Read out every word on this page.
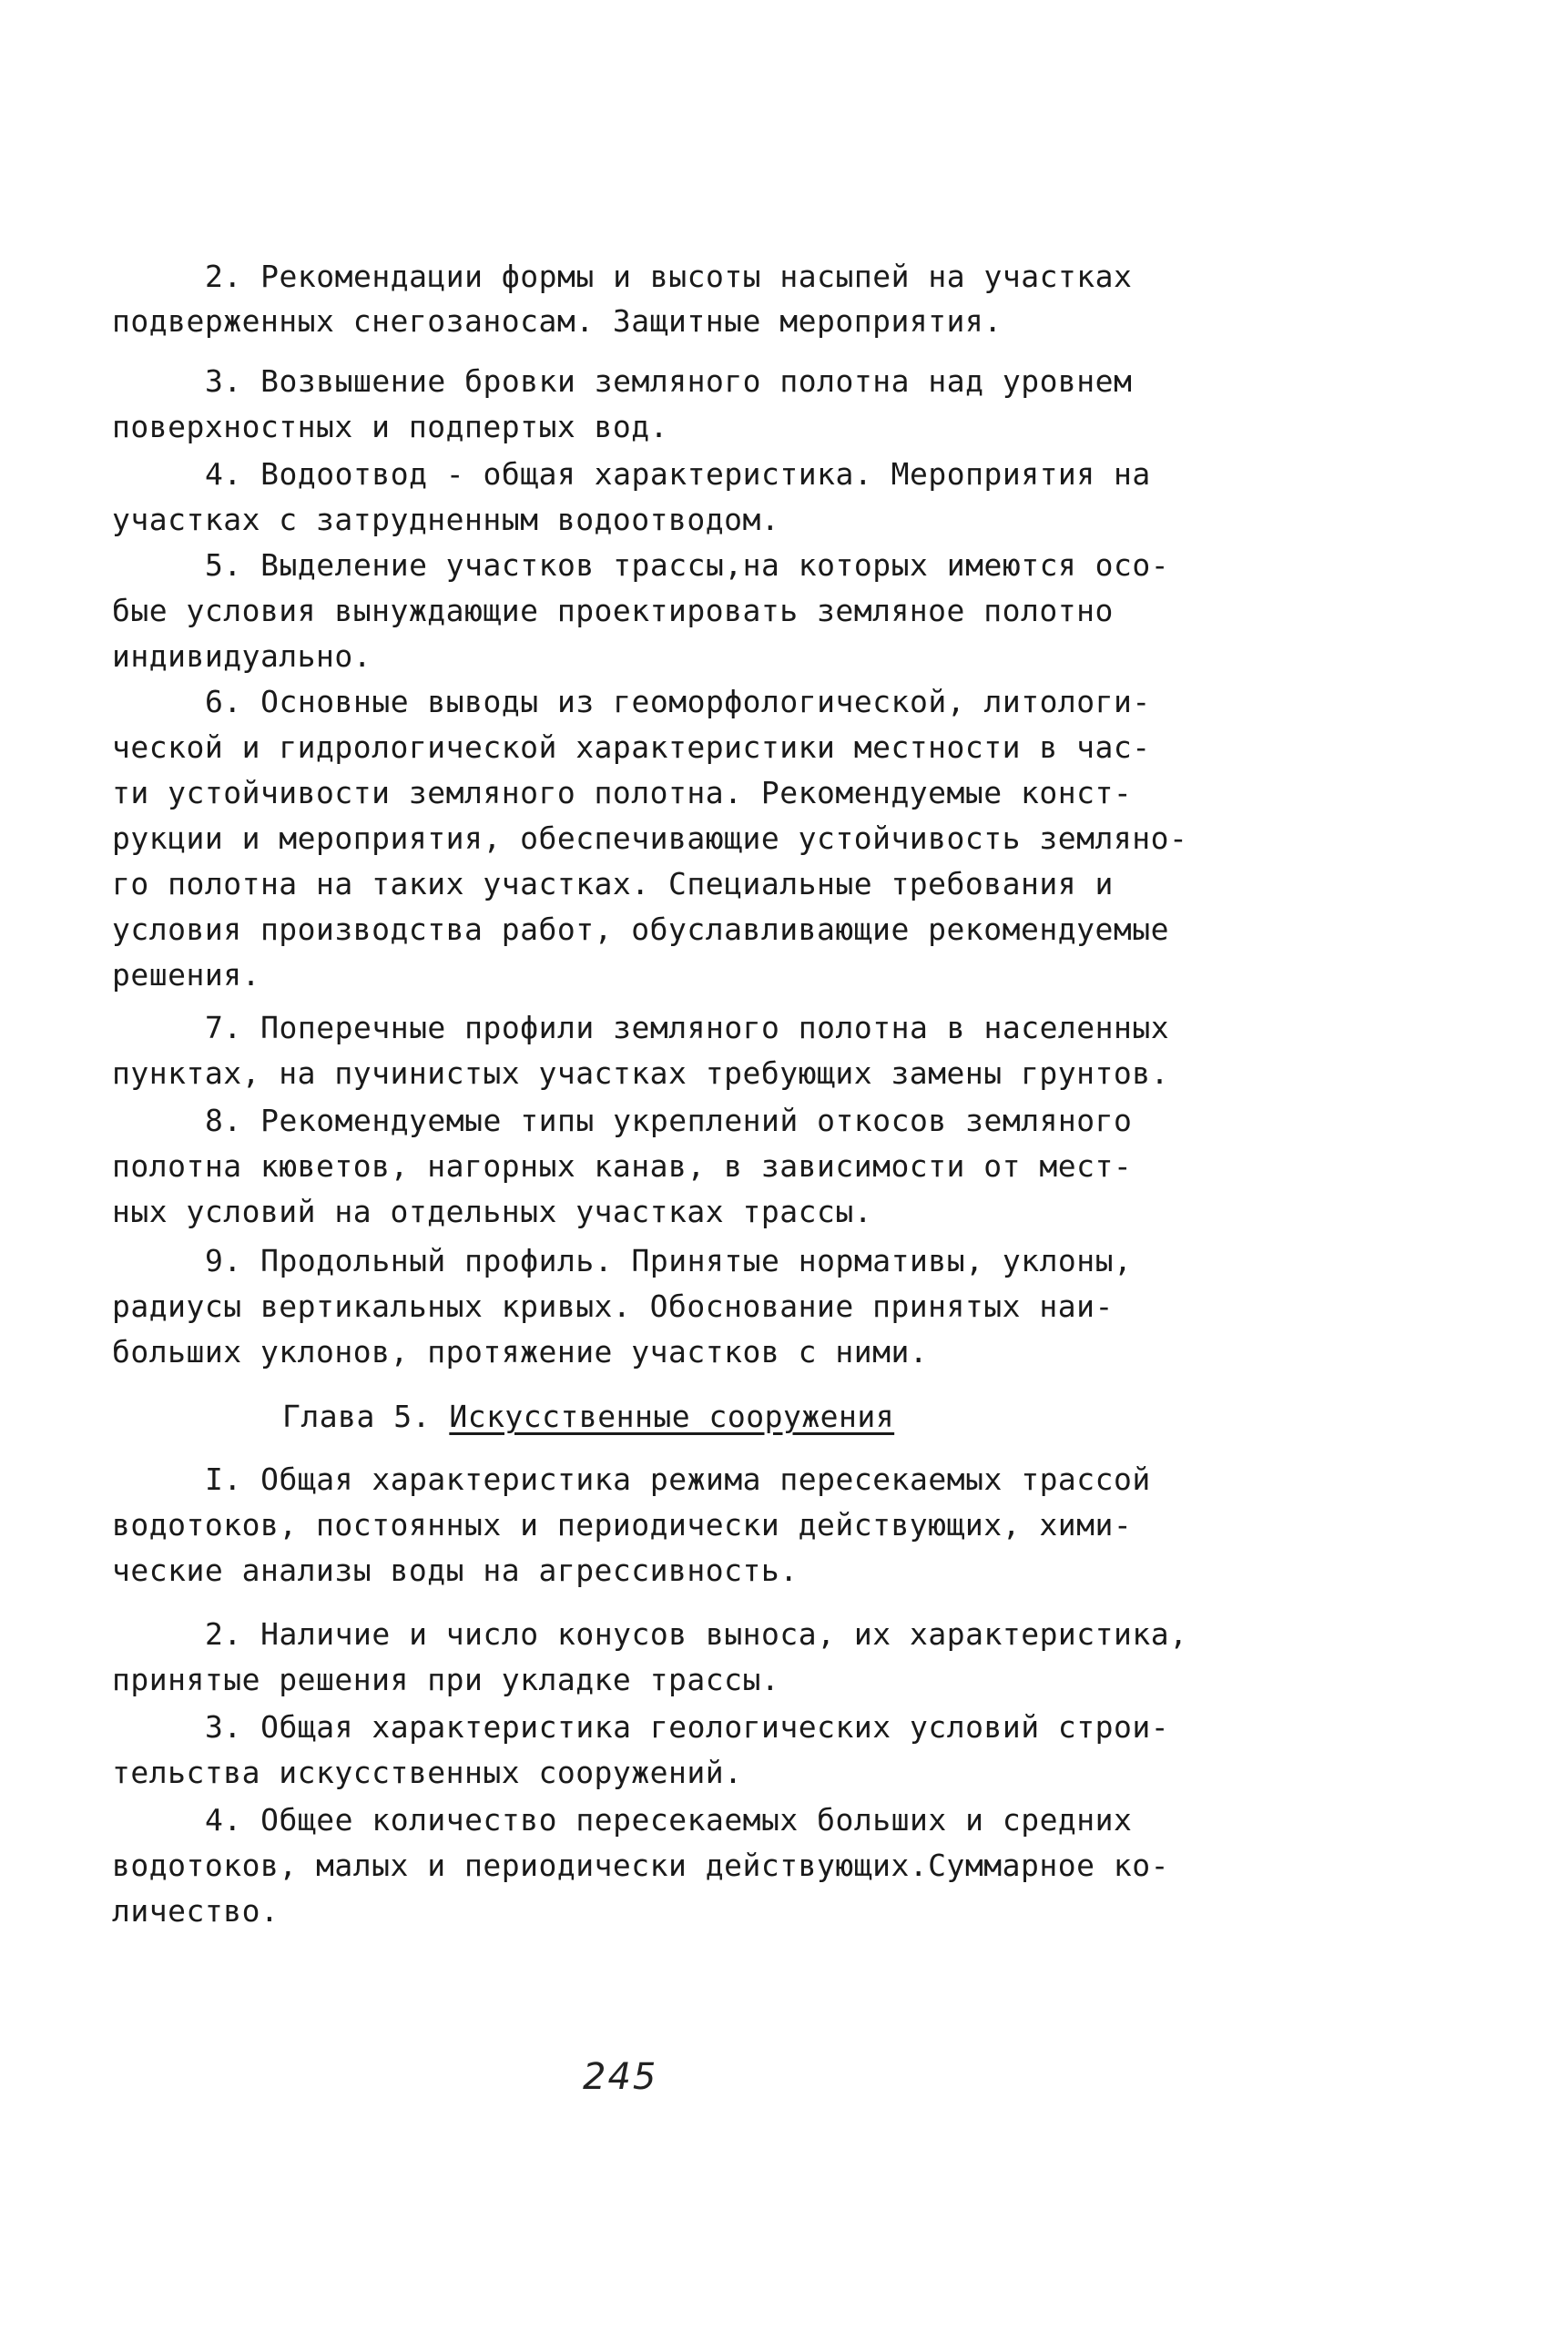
2. Рекомендации формы и высоты насыпей на участках
подверженных снегозаносам. Защитные мероприятия.
3. Возвышение бровки земляного полотна над уровнем
поверхностных и подпертых вод.
4. Водоотвод - общая характеристика. Мероприятия на
участках с затрудненным водоотводом.
5. Выделение участков трассы,на которых имеются осо-
бые условия вынуждающие проектировать земляное полотно
индивидуально.
6. Основные выводы из геоморфологической, литологи-
ческой и гидрологической характеристики местности в час-
ти устойчивости земляного полотна. Рекомендуемые конст-
рукции и мероприятия, обеспечивающие устойчивость земляно-
го полотна на таких участках. Специальные требования и
условия производства работ, обуславливающие рекомендуемые
решения.
7. Поперечные профили земляного полотна в населенных
пунктах, на пучинистых участках требующих замены грунтов.
8. Рекомендуемые типы укреплений откосов земляного
полотна кюветов, нагорных канав, в зависимости от мест-
ных условий на отдельных участках трассы.
9. Продольный профиль. Принятые нормативы, уклоны,
радиусы вертикальных кривых. Обоснование принятых наи-
больших уклонов, протяжение участков с ними.
Глава 5. Искусственные сооружения
I. Общая характеристика режима пересекаемых трассой
водотоков, постоянных и периодически действующих, хими-
ческие анализы воды на агрессивность.
2. Наличие и число конусов выноса, их характеристика,
принятые решения при укладке трассы.
3. Общая характеристика геологических условий строи-
тельства искусственных сооружений.
4. Общее количество пересекаемых больших и средних
водотоков, малых и периодически действующих.Суммарное ко-
личество.
245
